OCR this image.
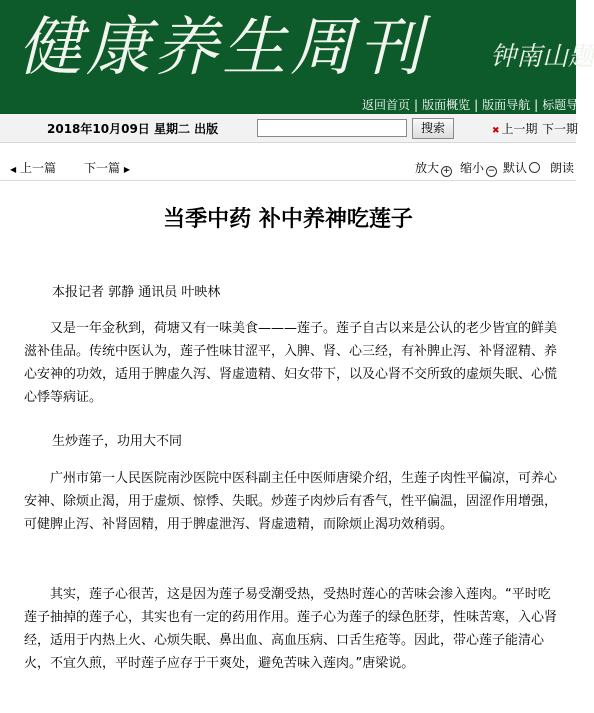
健康养生周刊 钟南山题
返回首页 | 版面概览 | 版面导航 | 标题导航
2018年10月09日 星期二 出版	搜索	✖ 上一期 下一期
◀ 上一篇 下一篇 ▶	放大 + 缩小 − 默认	朗读
当季中药 补中养神吃莲子
本报记者 郭静 通讯员 叶映林

又是一年金秋到，荷塘又有一味美食———莲子。莲子自古以来是公认的老少皆宜的鲜美滋补佳品。传统中医认为，莲子性味甘涩平，入脾、肾、心三经，有补脾止泻、补肾涩精、养心安神的功效，适用于脾虚久泻、肾虚遗精、妇女带下，以及心肾不交所致的虚烦失眠、心慌心悸等病证。

生炒莲子，功用大不同

广州市第一人民医院南沙医院中医科副主任中医师唐梁介绍，生莲子肉性平偏凉，可养心安神、除烦止渴，用于虚烦、惊悸、失眠。炒莲子肉炒后有香气，性平偏温，固涩作用增强，可健脾止泻、补肾固精，用于脾虚泄泻、肾虚遗精，而除烦止渴功效稍弱。

其实，莲子心很苦，这是因为莲子易受潮受热，受热时莲心的苦味会渗入莲肉。“平时吃莲子抽掉的莲子心，其实也有一定的药用作用。莲子心为莲子的绿色胚芽，性味苦寒，入心肾经，适用于内热上火、心烦失眠、鼻出血、高血压病、口舌生疮等。因此，带心莲子能清心火，不宜久煎，平时莲子应存于干爽处，避免苦味入莲肉。”唐梁说。
